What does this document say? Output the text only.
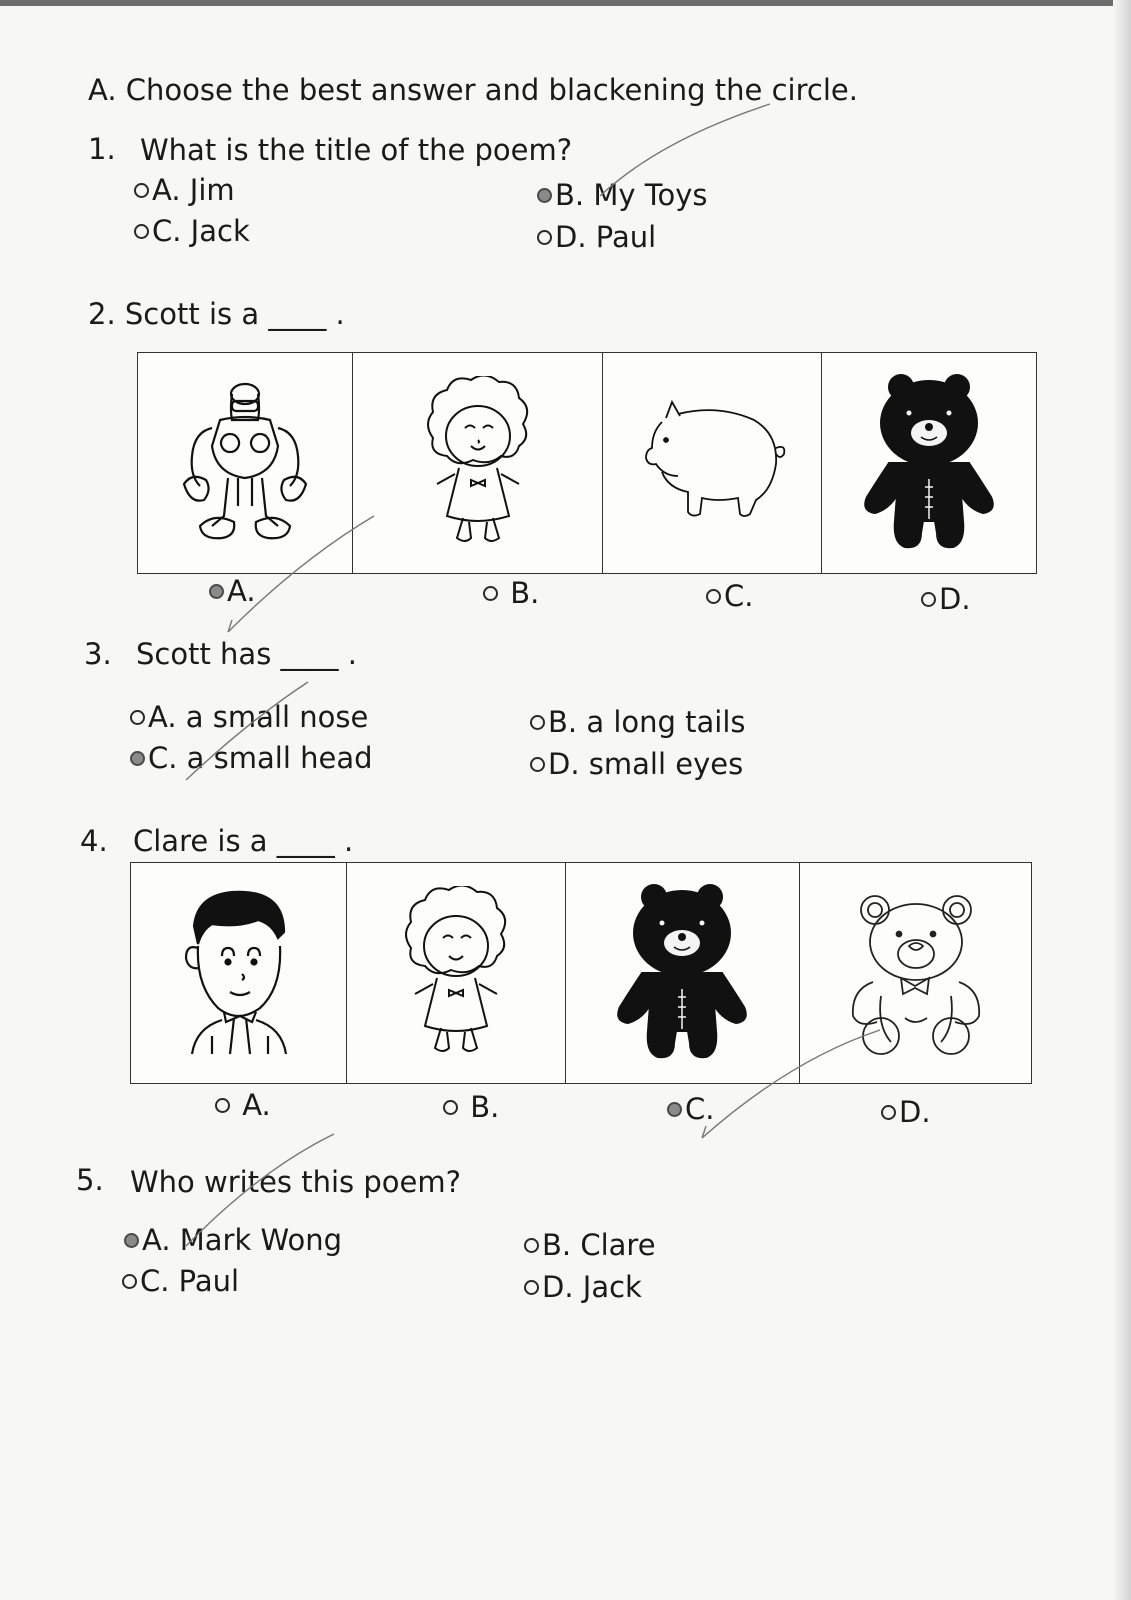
A. Choose the best answer and blackening the circle.
1. What is the title of the poem?
A. Jim	B. My Toys
C. Jack	D. Paul
2. Scott is a ____ .
A.
	B.	C.	D.
3. Scott has ____ .
A. a small nose	B. a long tails
C. a small head	D. small eyes
4. Clare is a ____ .

A.
	B.	C.	D.
5. Who writes this poem?
A. Mark Wong	B. Clare
C. Paul	D. Jack
